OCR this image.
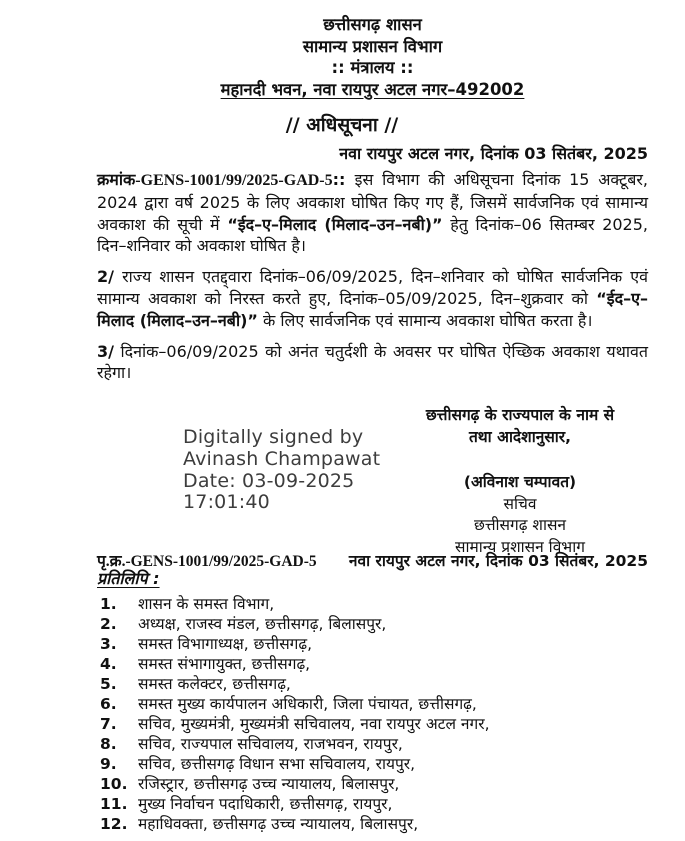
छत्तीसगढ़ शासन
सामान्य प्रशासन विभाग
:: मंत्रालय ::
महानदी भवन, नवा रायपुर अटल नगर–492002
// अधिसूचना //
नवा रायपुर अटल नगर, दिनांक 03 सितंबर, 2025

क्रमांक-GENS-1001/99/2025-GAD-5:: इस विभाग की अधिसूचना दिनांक 15 अक्टूबर, 2024 द्वारा वर्ष 2025 के लिए अवकाश घोषित किए गए हैं, जिसमें सार्वजनिक एवं सामान्य अवकाश की सूची में “ईद–ए–मिलाद (मिलाद–उन–नबी)” हेतु दिनांक–06 सितम्बर 2025, दिन–शनिवार को अवकाश घोषित है।

2/ राज्य शासन एतद्द्वारा दिनांक–06/09/2025, दिन–शनिवार को घोषित सार्वजनिक एवं सामान्य अवकाश को निरस्त करते हुए, दिनांक–05/09/2025, दिन–शुक्रवार को “ईद–ए–मिलाद (मिलाद–उन–नबी)” के लिए सार्वजनिक एवं सामान्य अवकाश घोषित करता है।

3/ दिनांक–06/09/2025 को अनंत चतुर्दशी के अवसर पर घोषित ऐच्छिक अवकाश यथावत रहेगा।

Digitally signed by
Avinash Champawat
Date: 03-09-2025
17:01:40
छत्तीसगढ़ के राज्यपाल के नाम से
तथा आदेशानुसार,
(अविनाश चम्पावत)
सचिव
छत्तीसगढ़ शासन
सामान्य प्रशासन विभाग
पृ.क्र.-GENS-1001/99/2025-GAD-5 नवा रायपुर अटल नगर, दिनांक 03 सितंबर, 2025
प्रतिलिपि :
1.	शासन के समस्त विभाग,
2.	अध्यक्ष, राजस्व मंडल, छत्तीसगढ़, बिलासपुर,
3.	समस्त विभागाध्यक्ष, छत्तीसगढ़,
4.	समस्त संभागायुक्त, छत्तीसगढ़,
5.	समस्त कलेक्टर, छत्तीसगढ़,
6.	समस्त मुख्य कार्यपालन अधिकारी, जिला पंचायत, छत्तीसगढ़,
7.	सचिव, मुख्यमंत्री, मुख्यमंत्री सचिवालय, नवा रायपुर अटल नगर,
8.	सचिव, राज्यपाल सचिवालय, राजभवन, रायपुर,
9.	सचिव, छत्तीसगढ़ विधान सभा सचिवालय, रायपुर,
10. रजिस्ट्रार, छत्तीसगढ़ उच्च न्यायालय, बिलासपुर,
11. मुख्य निर्वाचन पदाधिकारी, छत्तीसगढ़, रायपुर,
12. महाधिवक्ता, छत्तीसगढ़ उच्च न्यायालय, बिलासपुर,
